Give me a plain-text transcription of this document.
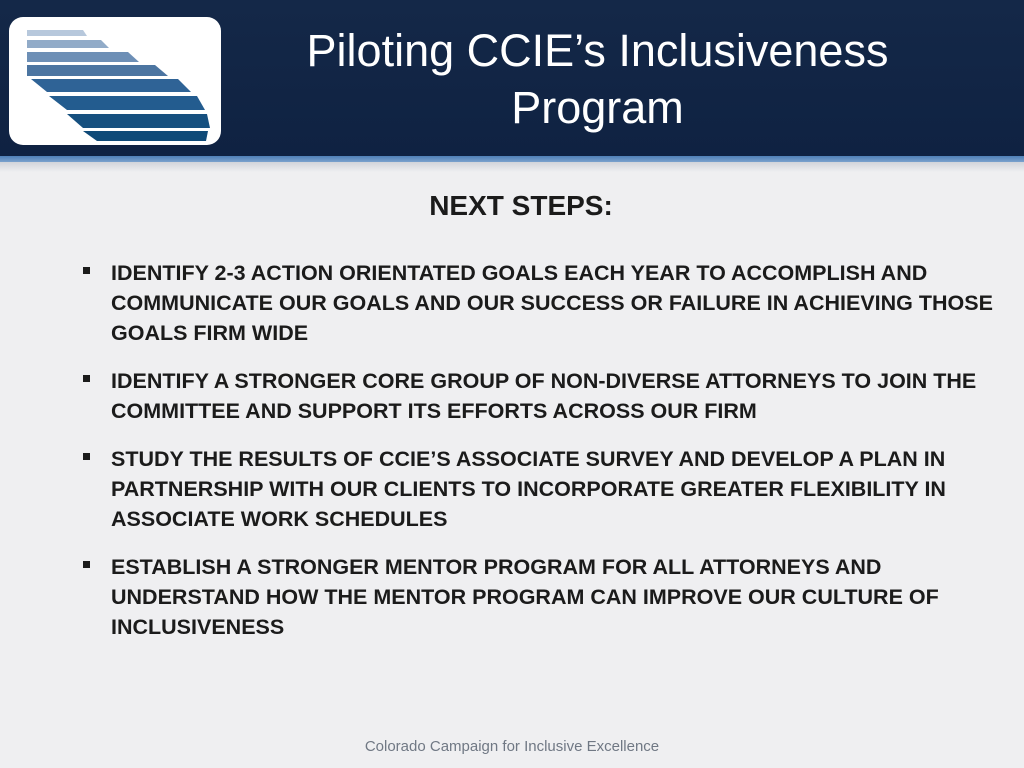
Piloting CCIE’s Inclusiveness
Program
NEXT STEPS:
IDENTIFY 2-3 ACTION ORIENTATED GOALS EACH YEAR TO ACCOMPLISH AND COMMUNICATE OUR GOALS AND OUR SUCCESS OR FAILURE IN ACHIEVING THOSE GOALS FIRM WIDE
IDENTIFY A STRONGER CORE GROUP OF NON-DIVERSE ATTORNEYS TO JOIN THE COMMITTEE AND SUPPORT ITS EFFORTS ACROSS OUR FIRM
STUDY THE RESULTS OF CCIE’S ASSOCIATE SURVEY AND DEVELOP A PLAN IN PARTNERSHIP WITH OUR CLIENTS TO INCORPORATE GREATER FLEXIBILITY IN ASSOCIATE WORK SCHEDULES
ESTABLISH A STRONGER MENTOR PROGRAM FOR ALL ATTORNEYS AND UNDERSTAND HOW THE MENTOR PROGRAM CAN IMPROVE OUR CULTURE OF INCLUSIVENESS
Colorado Campaign for Inclusive Excellence
